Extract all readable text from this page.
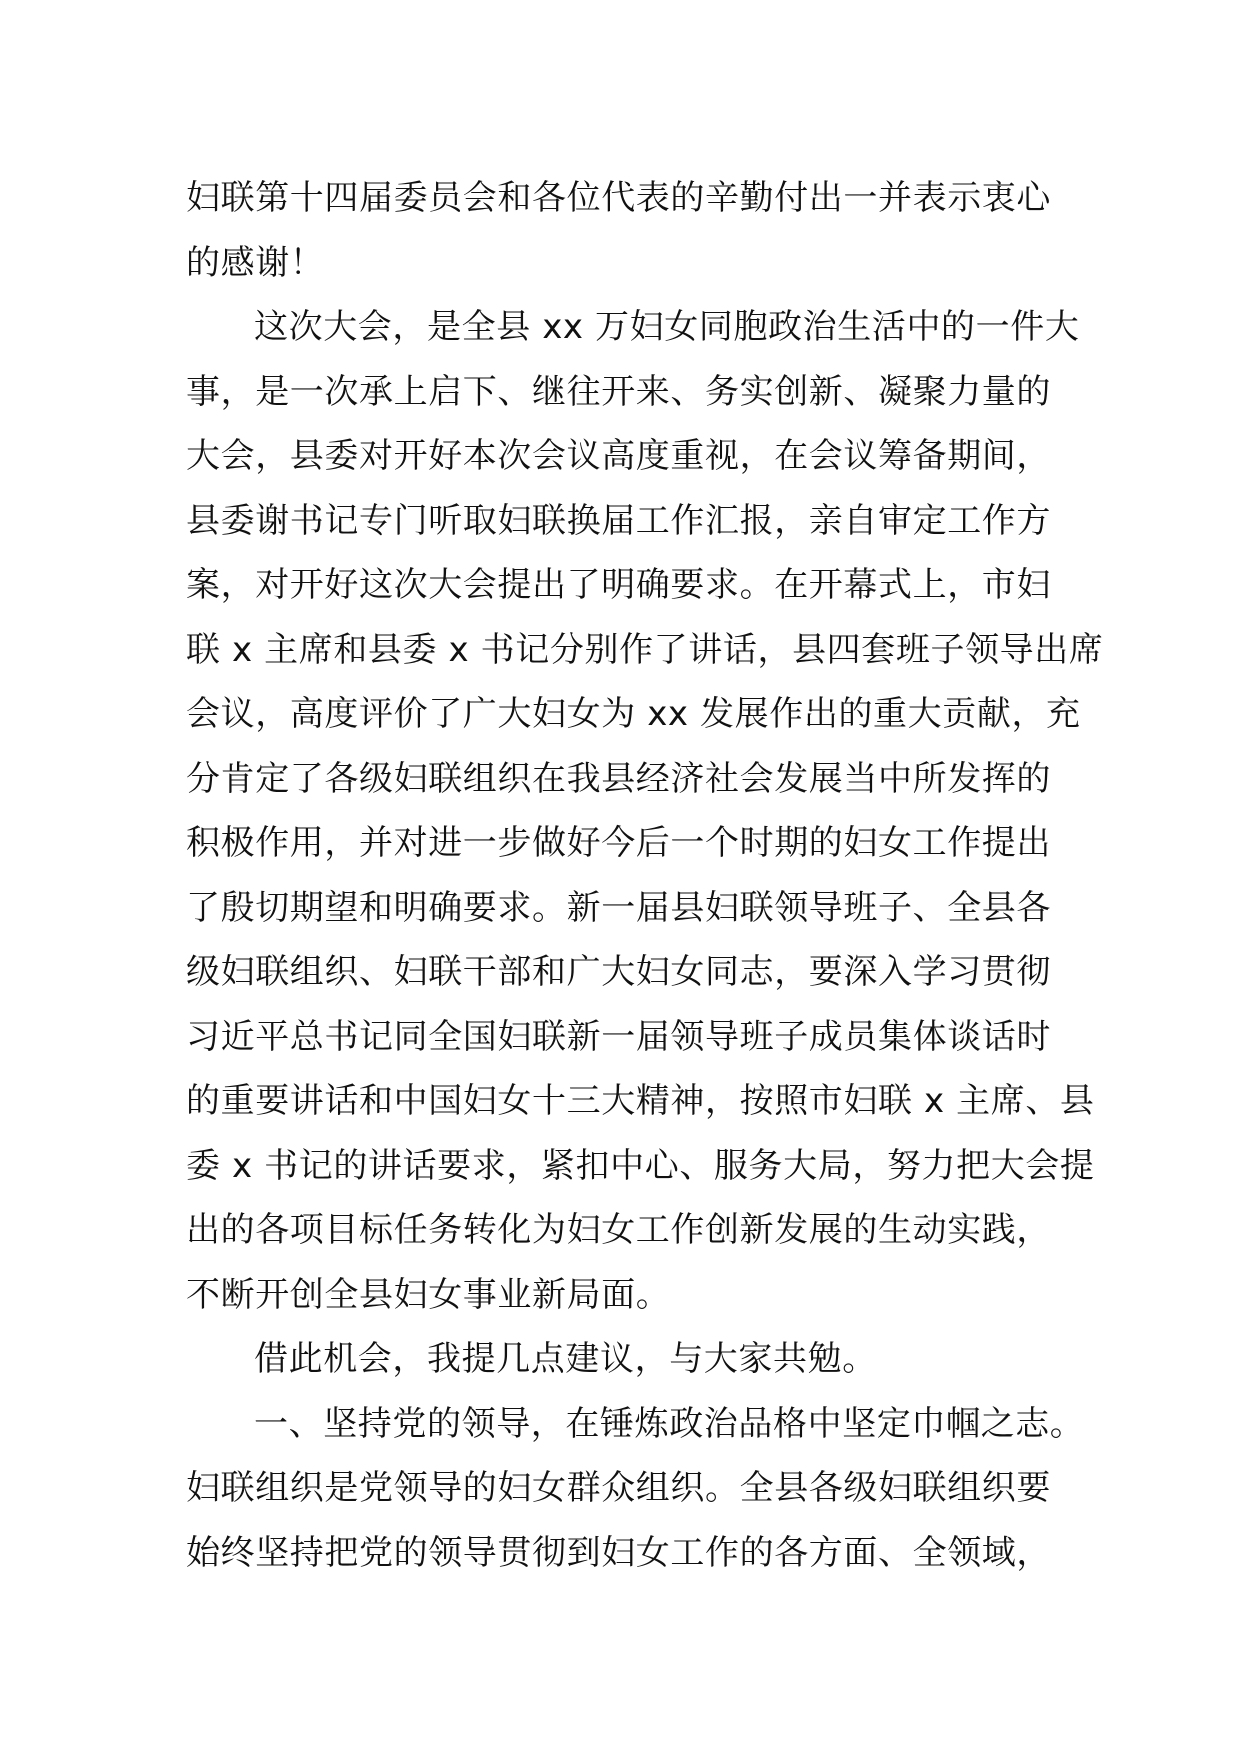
妇联第十四届委员会和各位代表的辛勤付出一并表示衷心
的感谢！
这次大会，是全县 xx 万妇女同胞政治生活中的一件大
事，是一次承上启下、继往开来、务实创新、凝聚力量的
大会，县委对开好本次会议高度重视，在会议筹备期间，
县委谢书记专门听取妇联换届工作汇报，亲自审定工作方
案，对开好这次大会提出了明确要求。在开幕式上，市妇
联 x 主席和县委 x 书记分别作了讲话，县四套班子领导出席
会议，高度评价了广大妇女为 xx 发展作出的重大贡献，充
分肯定了各级妇联组织在我县经济社会发展当中所发挥的
积极作用，并对进一步做好今后一个时期的妇女工作提出
了殷切期望和明确要求。新一届县妇联领导班子、全县各
级妇联组织、妇联干部和广大妇女同志，要深入学习贯彻
习近平总书记同全国妇联新一届领导班子成员集体谈话时
的重要讲话和中国妇女十三大精神，按照市妇联 x 主席、县
委 x 书记的讲话要求，紧扣中心、服务大局，努力把大会提
出的各项目标任务转化为妇女工作创新发展的生动实践，
不断开创全县妇女事业新局面。
借此机会，我提几点建议，与大家共勉。
一、坚持党的领导，在锤炼政治品格中坚定巾帼之志。
妇联组织是党领导的妇女群众组织。全县各级妇联组织要
始终坚持把党的领导贯彻到妇女工作的各方面、全领域，
